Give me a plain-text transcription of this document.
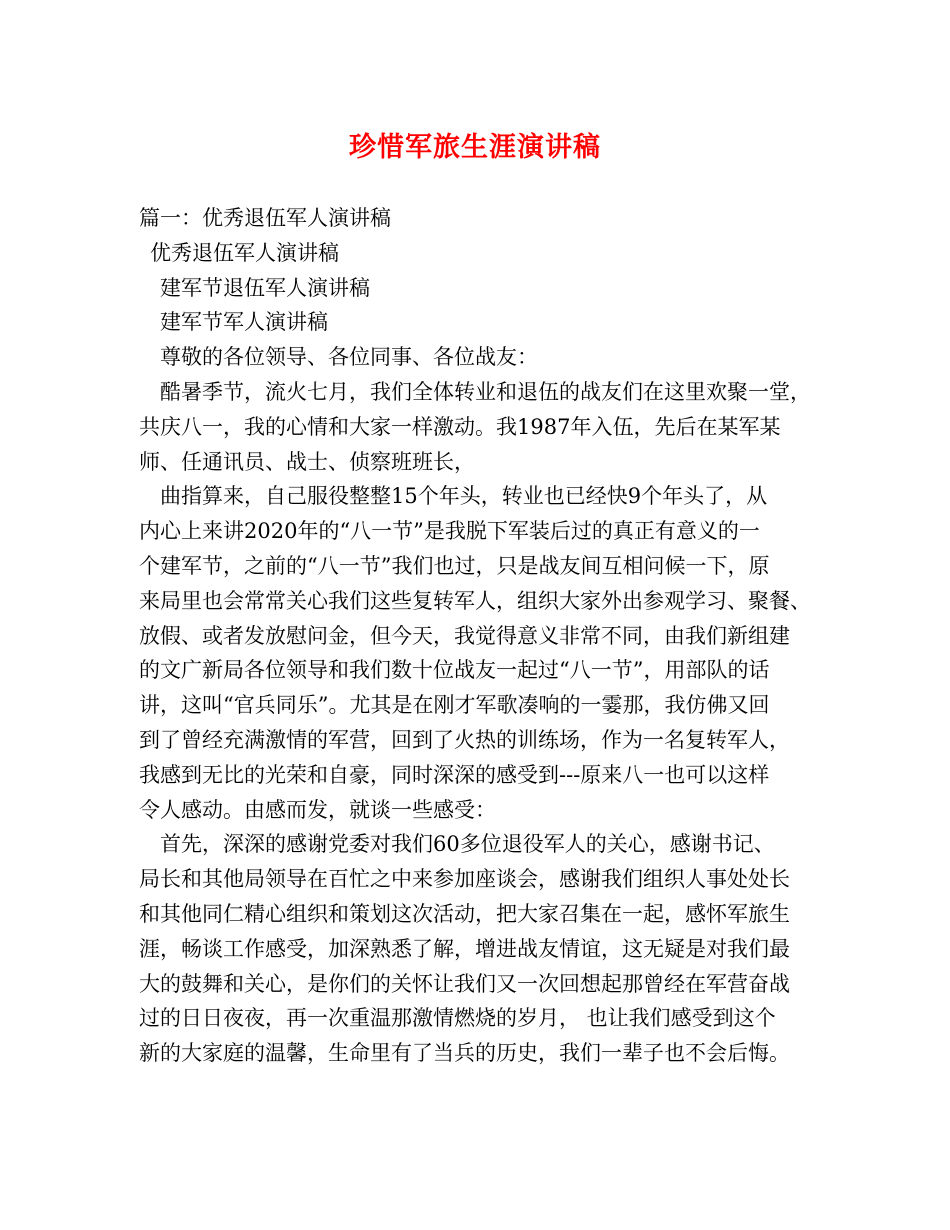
珍惜军旅生涯演讲稿
篇一：优秀退伍军人演讲稿
优秀退伍军人演讲稿
建军节退伍军人演讲稿
建军节军人演讲稿
尊敬的各位领导、各位同事、各位战友：
酷暑季节，流火七月，我们全体转业和退伍的战友们在这里欢聚一堂，
共庆八一，我的心情和大家一样激动。我1987年入伍，先后在某军某
师、任通讯员、战士、侦察班班长，
曲指算来，自己服役整整15个年头，转业也已经快9个年头了，从
内心上来讲2020年的“八一节”是我脱下军装后过的真正有意义的一
个建军节，之前的“八一节”我们也过，只是战友间互相问候一下，原
来局里也会常常关心我们这些复转军人，组织大家外出参观学习、聚餐、
放假、或者发放慰问金，但今天，我觉得意义非常不同，由我们新组建
的文广新局各位领导和我们数十位战友一起过“八一节”，用部队的话
讲，这叫“官兵同乐”。尤其是在刚才军歌凑响的一霎那，我仿佛又回
到了曾经充满激情的军营，回到了火热的训练场，作为一名复转军人，
我感到无比的光荣和自豪，同时深深的感受到---原来八一也可以这样
令人感动。由感而发，就谈一些感受：
首先，深深的感谢党委对我们60多位退役军人的关心，感谢书记、
局长和其他局领导在百忙之中来参加座谈会，感谢我们组织人事处处长
和其他同仁精心组织和策划这次活动，把大家召集在一起，感怀军旅生
涯，畅谈工作感受，加深熟悉了解，增进战友情谊，这无疑是对我们最
大的鼓舞和关心，是你们的关怀让我们又一次回想起那曾经在军营奋战
过的日日夜夜，再一次重温那激情燃烧的岁月， 也让我们感受到这个
新的大家庭的温馨，生命里有了当兵的历史，我们一辈子也不会后悔。
